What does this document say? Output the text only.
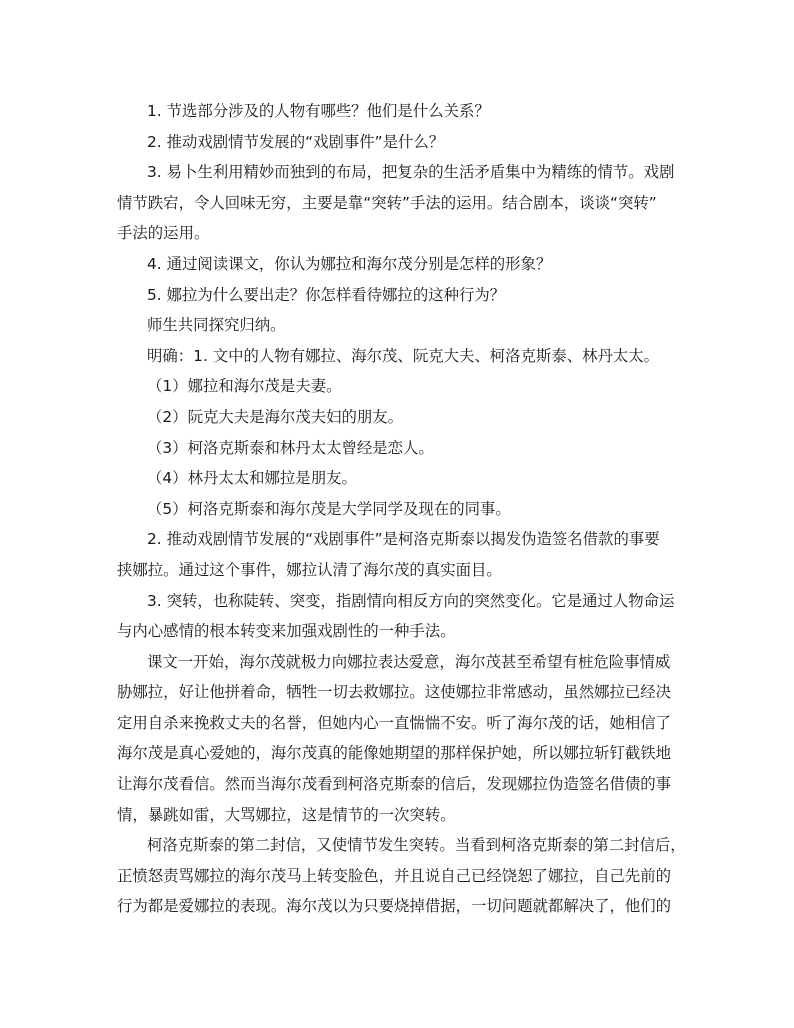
1. 节选部分涉及的人物有哪些？他们是什么关系？

2. 推动戏剧情节发展的“戏剧事件”是什么？

3. 易卜生利用精妙而独到的布局，把复杂的生活矛盾集中为精练的情节。戏剧

情节跌宕，令人回味无穷，主要是靠“突转”手法的运用。结合剧本，谈谈“突转”

手法的运用。

4. 通过阅读课文，你认为娜拉和海尔茂分别是怎样的形象？

5. 娜拉为什么要出走？你怎样看待娜拉的这种行为？

师生共同探究归纳。

明确：1. 文中的人物有娜拉、海尔茂、阮克大夫、柯洛克斯泰、林丹太太。

（1）娜拉和海尔茂是夫妻。

（2）阮克大夫是海尔茂夫妇的朋友。

（3）柯洛克斯泰和林丹太太曾经是恋人。

（4）林丹太太和娜拉是朋友。

（5）柯洛克斯泰和海尔茂是大学同学及现在的同事。

2. 推动戏剧情节发展的“戏剧事件”是柯洛克斯泰以揭发伪造签名借款的事要

挟娜拉。通过这个事件，娜拉认清了海尔茂的真实面目。

3. 突转，也称陡转、突变，指剧情向相反方向的突然变化。它是通过人物命运

与内心感情的根本转变来加强戏剧性的一种手法。

课文一开始，海尔茂就极力向娜拉表达爱意，海尔茂甚至希望有桩危险事情威

胁娜拉，好让他拼着命，牺牲一切去救娜拉。这使娜拉非常感动，虽然娜拉已经决

定用自杀来挽救丈夫的名誉，但她内心一直惴惴不安。听了海尔茂的话，她相信了

海尔茂是真心爱她的，海尔茂真的能像她期望的那样保护她，所以娜拉斩钉截铁地

让海尔茂看信。然而当海尔茂看到柯洛克斯泰的信后，发现娜拉伪造签名借债的事

情，暴跳如雷，大骂娜拉，这是情节的一次突转。

柯洛克斯泰的第二封信，又使情节发生突转。当看到柯洛克斯泰的第二封信后，

正愤怒责骂娜拉的海尔茂马上转变脸色，并且说自己已经饶恕了娜拉，自己先前的

行为都是爱娜拉的表现。海尔茂以为只要烧掉借据，一切问题就都解决了，他们的
